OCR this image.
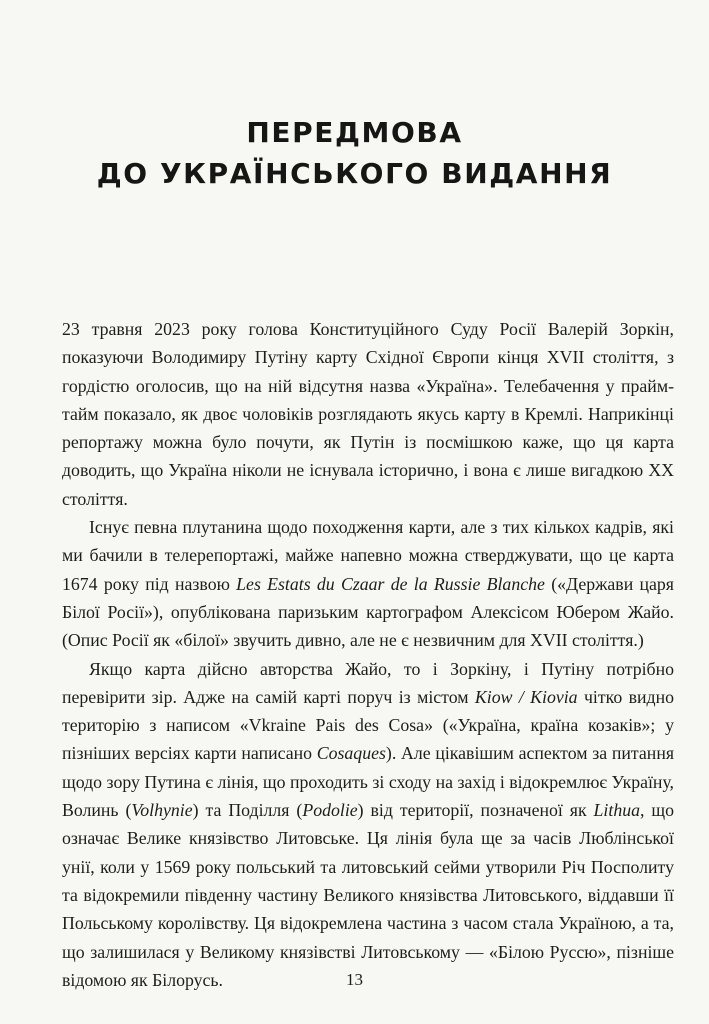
ПЕРЕДМОВА
ДО УКРАЇНСЬКОГО ВИДАННЯ

23 травня 2023 року голова Конституційного Суду Росії Валерій Зоркін, показуючи Володимиру Путіну карту Східної Європи кінця XVII століття, з гордістю оголосив, що на ній відсутня назва «Україна». Телебачення у прайм-тайм показало, як двоє чоловіків розглядають якусь карту в Кремлі. Наприкінці репортажу можна було почути, як Путін із посмішкою каже, що ця карта доводить, що Україна ніколи не існувала історично, і вона є лише вигадкою XX століття.

Існує певна плутанина щодо походження карти, але з тих кількох кадрів, які ми бачили в телерепортажі, майже напевно можна стверджувати, що це карта 1674 року під назвою Les Estats du Czaar de la Russie Blanche («Держави царя Білої Росії»), опублікована паризьким картографом Алексісом Юбером Жайо. (Опис Росії як «білої» звучить дивно, але не є незвичним для XVII століття.)

Якщо карта дійсно авторства Жайо, то і Зоркіну, і Путіну потрібно перевірити зір. Адже на самій карті поруч із містом Kiow / Kiovia чітко видно територію з написом «Vkraine Pais des Cosa» («Україна, країна козаків»; у пізніших версіях карти написано Cosaques). Але цікавішим аспектом за питання щодо зору Путина є лінія, що проходить зі сходу на захід і відокремлює Україну, Волинь (Volhynie) та Поділля (Podolie) від території, позначеної як Lithua, що означає Велике князівство Литовське. Ця лінія була ще за часів Люблінської унії, коли у 1569 року польський та литовський сейми утворили Річ Посполиту та відокремили південну частину Великого князівства Литовського, віддавши її Польському королівству. Ця відокремлена частина з часом стала Україною, а та, що залишилася у Великому князівстві Литовському — «Білою Руссю», пізніше відомою як Білорусь.	13
